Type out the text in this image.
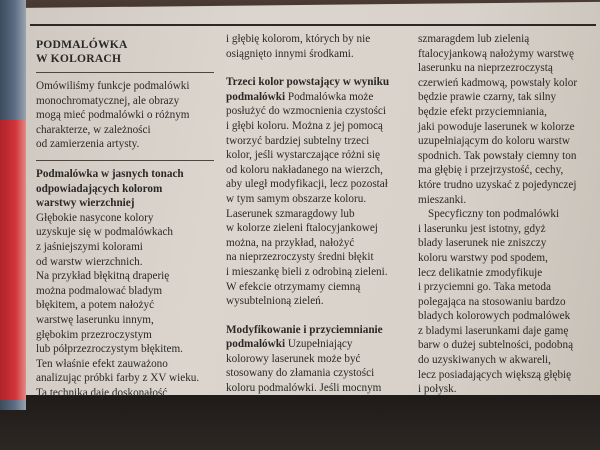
PODMALÓWKA
W KOLORACH

Omówiliśmy funkcje podmalówki

monochromatycznej, ale obrazy

mogą mieć podmalówki o różnym

charakterze, w zależności

od zamierzenia artysty.

Podmalówka w jasnych tonach

odpowiadających kolorom

warstwy wierzchniej

Głębokie nasycone kolory

uzyskuje się w podmalówkach

z jaśniejszymi kolorami

od warstw wierzchnich.

Na przykład błękitną draperię

można podmalować bladym

błękitem, a potem nałożyć

warstwę laserunku innym,

głębokim przezroczystym

lub półprzezroczystym błękitem.

Ten właśnie efekt zauważono

analizując próbki farby z XV wieku.

Ta technika daje doskonałość

i głębię kolorom, których by nie

osiągnięto innymi środkami.

Trzeci kolor powstający w wyniku

podmalówki Podmalówka może

posłużyć do wzmocnienia czystości

i głębi koloru. Można z jej pomocą

tworzyć bardziej subtelny trzeci

kolor, jeśli wystarczające różni się

od koloru nakładanego na wierzch,

aby uległ modyfikacji, lecz pozostał

w tym samym obszarze koloru.

Laserunek szmaragdowy lub

w kolorze zieleni ftalocyjankowej

można, na przykład, nałożyć

na nieprzezroczysty średni błękit

i mieszankę bieli z odrobiną zieleni.

W efekcie otrzymamy ciemną

wysubtelnioną zieleń.

Modyfikowanie i przyciemnianie

podmalówki Uzupełniający

kolorowy laserunek może być

stosowany do złamania czystości

koloru podmalówki. Jeśli mocnym

szmaragdem lub zielenią

ftalocyjankową nałożymy warstwę

laserunku na nieprzezroczystą

czerwień kadmową, powstały kolor

będzie prawie czarny, tak silny

będzie efekt przyciemniania,

jaki powoduje laserunek w kolorze

uzupełniającym do koloru warstw

spodnich. Tak powstały ciemny ton

ma głębię i przejrzystość, cechy,

które trudno uzyskać z pojedynczej

mieszanki.

Specyficzny ton podmalówki

i laserunku jest istotny, gdyż

blady laserunek nie zniszczy

koloru warstwy pod spodem,

lecz delikatnie zmodyfikuje

i przyciemni go. Taka metoda

polegająca na stosowaniu bardzo

bladych kolorowych podmalówek

z bladymi laserunkami daje gamę

barw o dużej subtelności, podobną

do uzyskiwanych w akwareli,

lecz posiadających większą głębię

i połysk.
